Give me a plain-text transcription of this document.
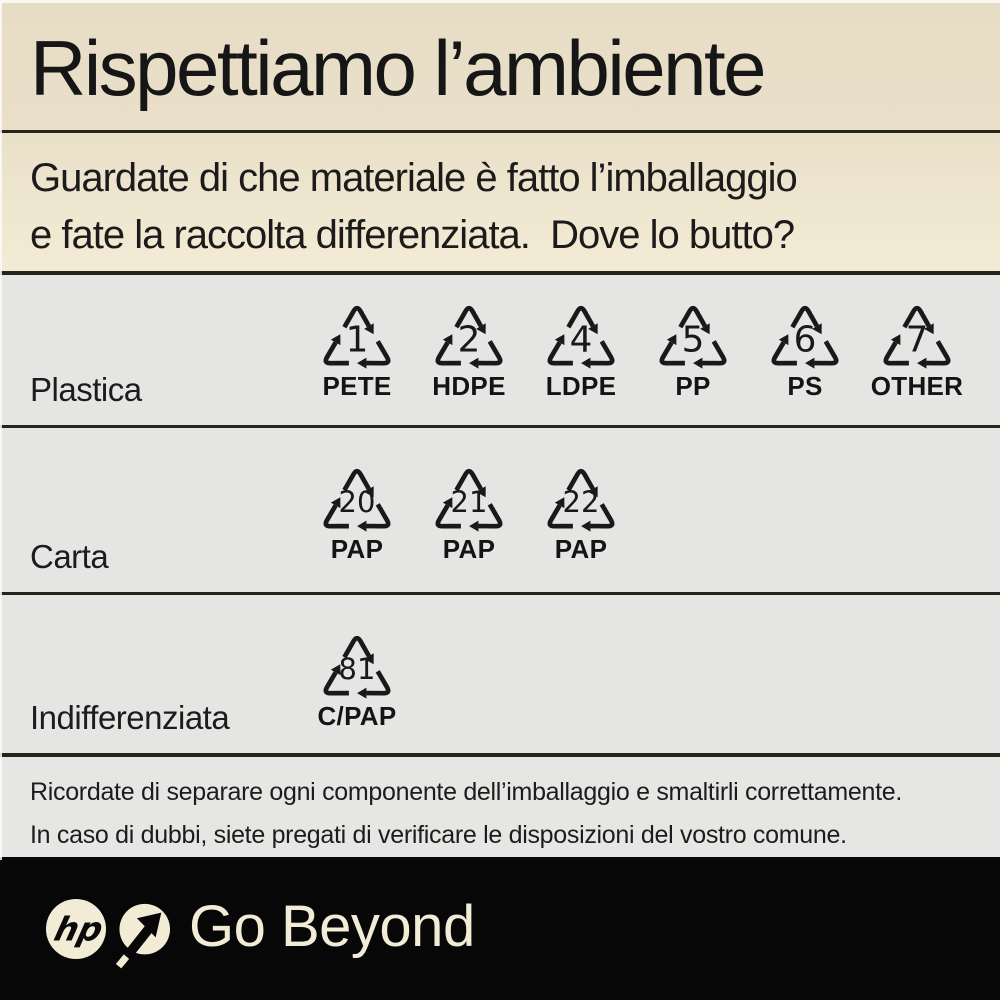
Rispettiamo l’ambiente
Guardate di che materiale è fatto l’imballaggio
e fate la raccolta differenziata.  Dove lo butto?
Plastica
1
PETE
2
HDPE
4
LDPE
5
PP
6
PS
7
OTHER
Carta
20
PAP
21
PAP
22
PAP
Indifferenziata
81
C/PAP
Ricordate di separare ogni componente dell’imballaggio e smaltirli correttamente.
In caso di dubbi, siete pregati di verificare le disposizioni del vostro comune.
hp Go Beyond
